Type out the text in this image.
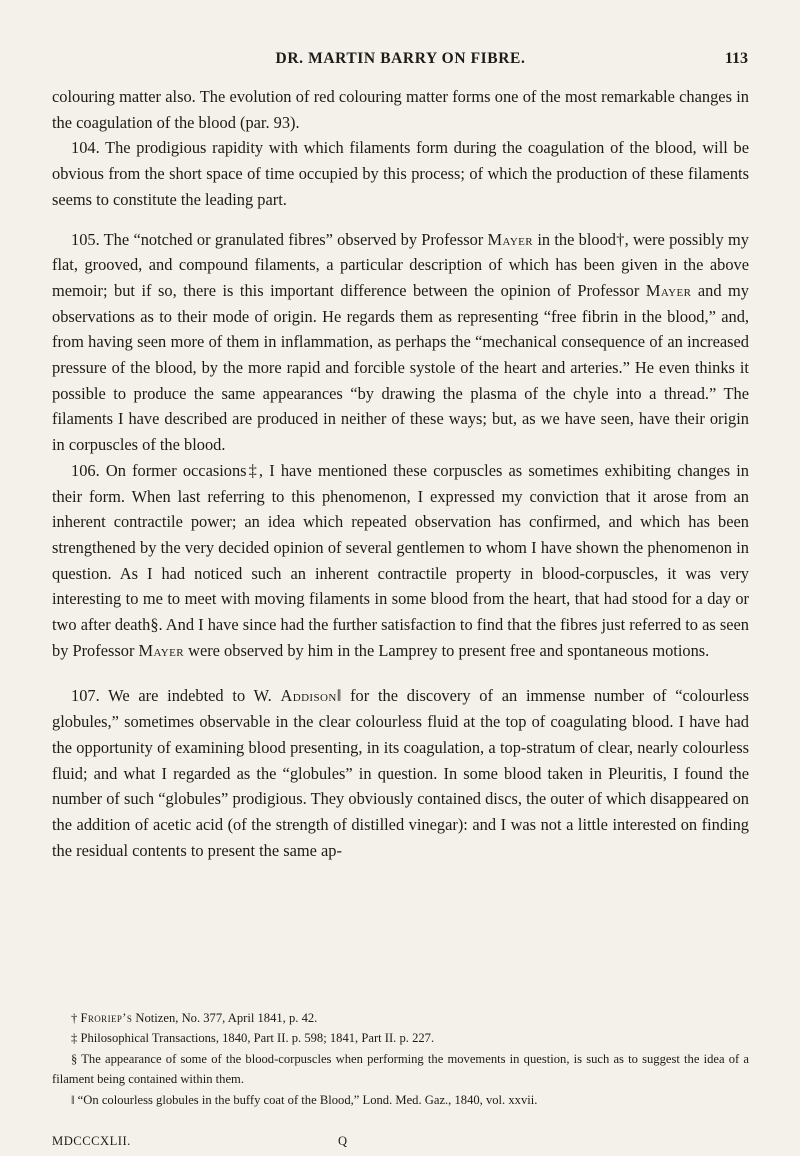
DR. MARTIN BARRY ON FIBRE.	113

colouring matter also. The evolution of red colouring matter forms one of the most remarkable changes in the coagulation of the blood (par. 93).

104. The prodigious rapidity with which filaments form during the coagulation of the blood, will be obvious from the short space of time occupied by this process; of which the production of these filaments seems to constitute the leading part.

105. The “notched or granulated fibres” observed by Professor Mayer in the blood†, were possibly my flat, grooved, and compound filaments, a particular description of which has been given in the above memoir; but if so, there is this important difference between the opinion of Professor Mayer and my observations as to their mode of origin. He regards them as representing “free fibrin in the blood,” and, from having seen more of them in inflammation, as perhaps the “mechanical consequence of an increased pressure of the blood, by the more rapid and forcible systole of the heart and arteries.” He even thinks it possible to produce the same appearances “by drawing the plasma of the chyle into a thread.” The filaments I have described are produced in neither of these ways; but, as we have seen, have their origin in corpuscles of the blood.

106. On former occasions‡, I have mentioned these corpuscles as sometimes exhibiting changes in their form. When last referring to this phenomenon, I expressed my conviction that it arose from an inherent contractile power; an idea which repeated observation has confirmed, and which has been strengthened by the very decided opinion of several gentlemen to whom I have shown the phenomenon in question. As I had noticed such an inherent contractile property in blood-corpuscles, it was very interesting to me to meet with moving filaments in some blood from the heart, that had stood for a day or two after death§. And I have since had the further satisfaction to find that the fibres just referred to as seen by Professor Mayer were observed by him in the Lamprey to present free and spontaneous motions.

107. We are indebted to W. Addison‖ for the discovery of an immense number of “colourless globules,” sometimes observable in the clear colourless fluid at the top of coagulating blood. I have had the opportunity of examining blood presenting, in its coagulation, a top-stratum of clear, nearly colourless fluid; and what I regarded as the “globules” in question. In some blood taken in Pleuritis, I found the number of such “globules” prodigious. They obviously contained discs, the outer of which disappeared on the addition of acetic acid (of the strength of distilled vinegar): and I was not a little interested on finding the residual contents to present the same ap-

† Froriep’s Notizen, No. 377, April 1841, p. 42.

‡ Philosophical Transactions, 1840, Part II. p. 598; 1841, Part II. p. 227.

§ The appearance of some of the blood-corpuscles when performing the movements in question, is such as to suggest the idea of a filament being contained within them.

‖ “On colourless globules in the buffy coat of the Blood,” Lond. Med. Gaz., 1840, vol. xxvii.

MDCCCXLII.	Q
